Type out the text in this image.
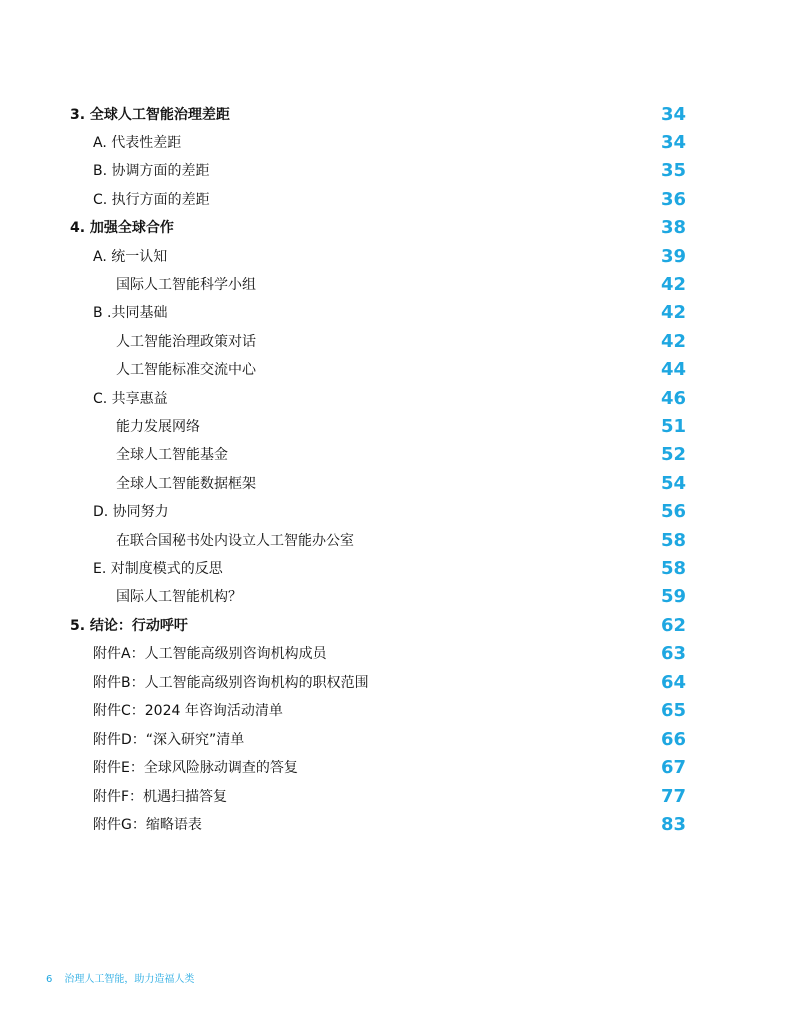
3. 全球人工智能治理差距	34
A. 代表性差距	34
B. 协调方面的差距	35
C. 执行方面的差距	36
4. 加强全球合作	38
A. 统一认知	39
国际人工智能科学小组	42
B .共同基础	42
人工智能治理政策对话	42
人工智能标准交流中心	44
C. 共享惠益	46
能力发展网络	51
全球人工智能基金	52
全球人工智能数据框架	54
D. 协同努力	56
在联合国秘书处内设立人工智能办公室	58
E. 对制度模式的反思	58
国际人工智能机构？	59
5. 结论：行动呼吁	62
附件A：人工智能高级别咨询机构成员	63
附件B：人工智能高级别咨询机构的职权范围	64
附件C：2024 年咨询活动清单	65
附件D：“深入研究”清单	66
附件E：全球风险脉动调查的答复	67
附件F：机遇扫描答复	77
附件G：缩略语表	83
6 治理人工智能，助力造福人类
